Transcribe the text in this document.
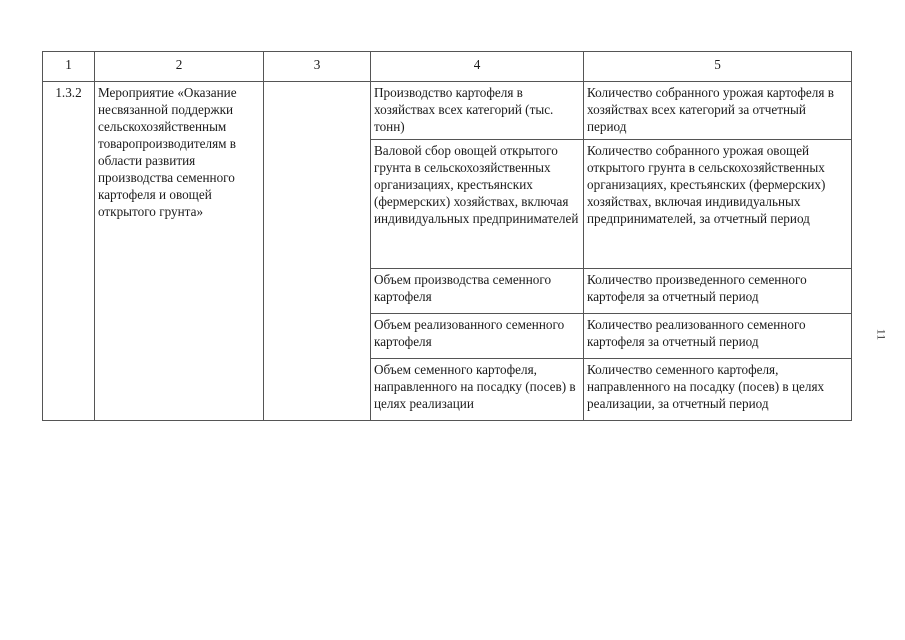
1	2	3	4	5
1.3.2	Мероприятие «Оказание несвязанной поддержки сельскохозяйственным товаропроизводителям в области развития производства семенного картофеля и овощей открытого грунта»		Производство картофеля в хозяйствах всех категорий (тыс. тонн)	Количество собранного урожая картофеля в хозяйствах всех категорий за отчетный период
			Валовой сбор овощей открытого грунта в сельскохозяйственных организациях, крестьянских (фермерских) хозяйствах, включая индивидуальных предпринимателей	Количество собранного урожая овощей открытого грунта в сельскохозяйственных организациях, крестьянских (фермерских) хозяйствах, включая индивидуальных предпринимателей, за отчетный период
			Объем производства семенного картофеля	Количество произведенного семенного картофеля за отчетный период
			Объем реализованного семенного картофеля	Количество реализованного семенного картофеля за отчетный период
			Объем семенного картофеля, направленного на посадку (посев) в целях реализации	Количество семенного картофеля, направленного на посадку (посев) в целях реализации, за отчетный период
11
